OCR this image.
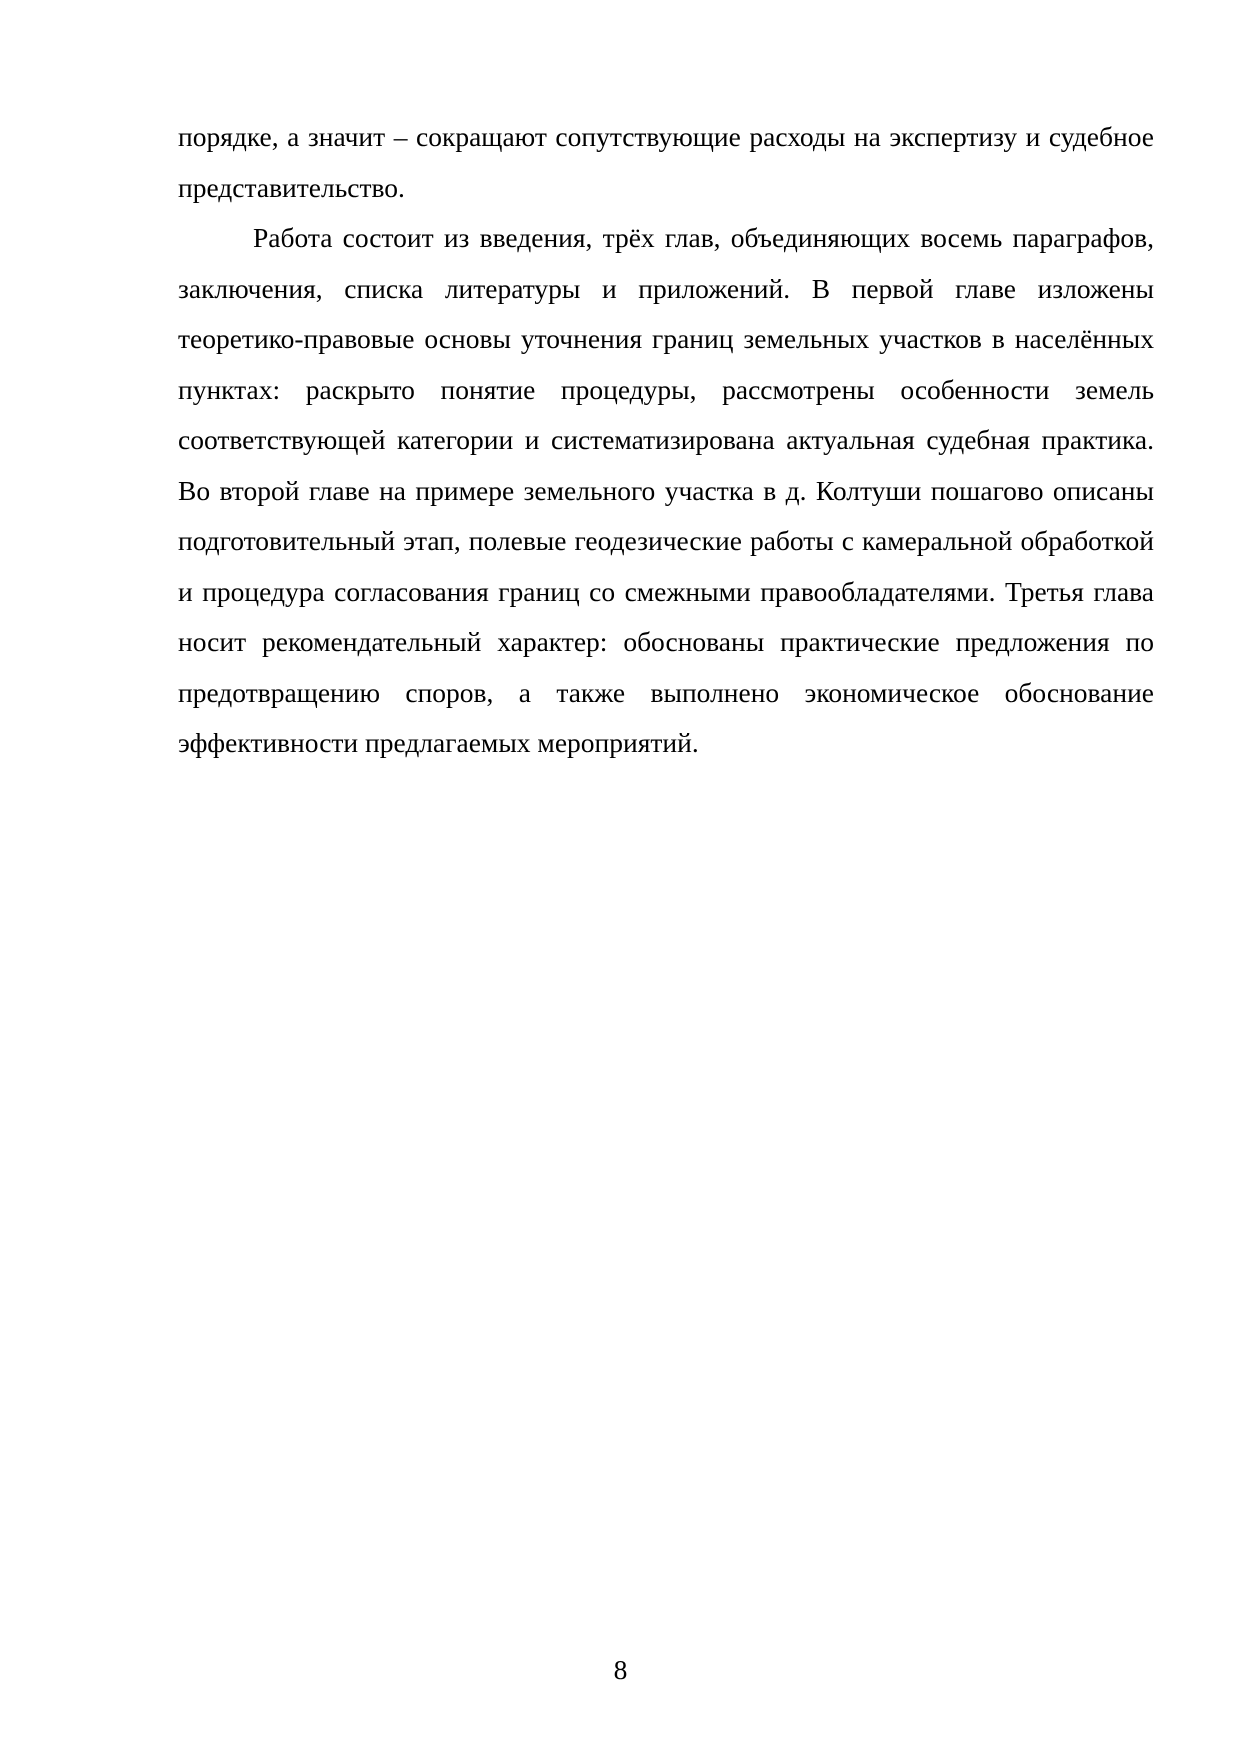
порядке, а значит – сокращают сопутствующие расходы на экспертизу и судебное представительство.

Работа состоит из введения, трёх глав, объединяющих восемь параграфов, заключения, списка литературы и приложений. В первой главе изложены теоретико-правовые основы уточнения границ земельных участков в населённых пунктах: раскрыто понятие процедуры, рассмотрены особенности земель соответствующей категории и систематизирована актуальная судебная практика. Во второй главе на примере земельного участка в д. Колтуши пошагово описаны подготовительный этап, полевые геодезические работы с камеральной обработкой и процедура согласования границ со смежными правообладателями. Третья глава носит рекомендательный характер: обоснованы практические предложения по предотвращению споров, а также выполнено экономическое обоснование эффективности предлагаемых мероприятий.

8
